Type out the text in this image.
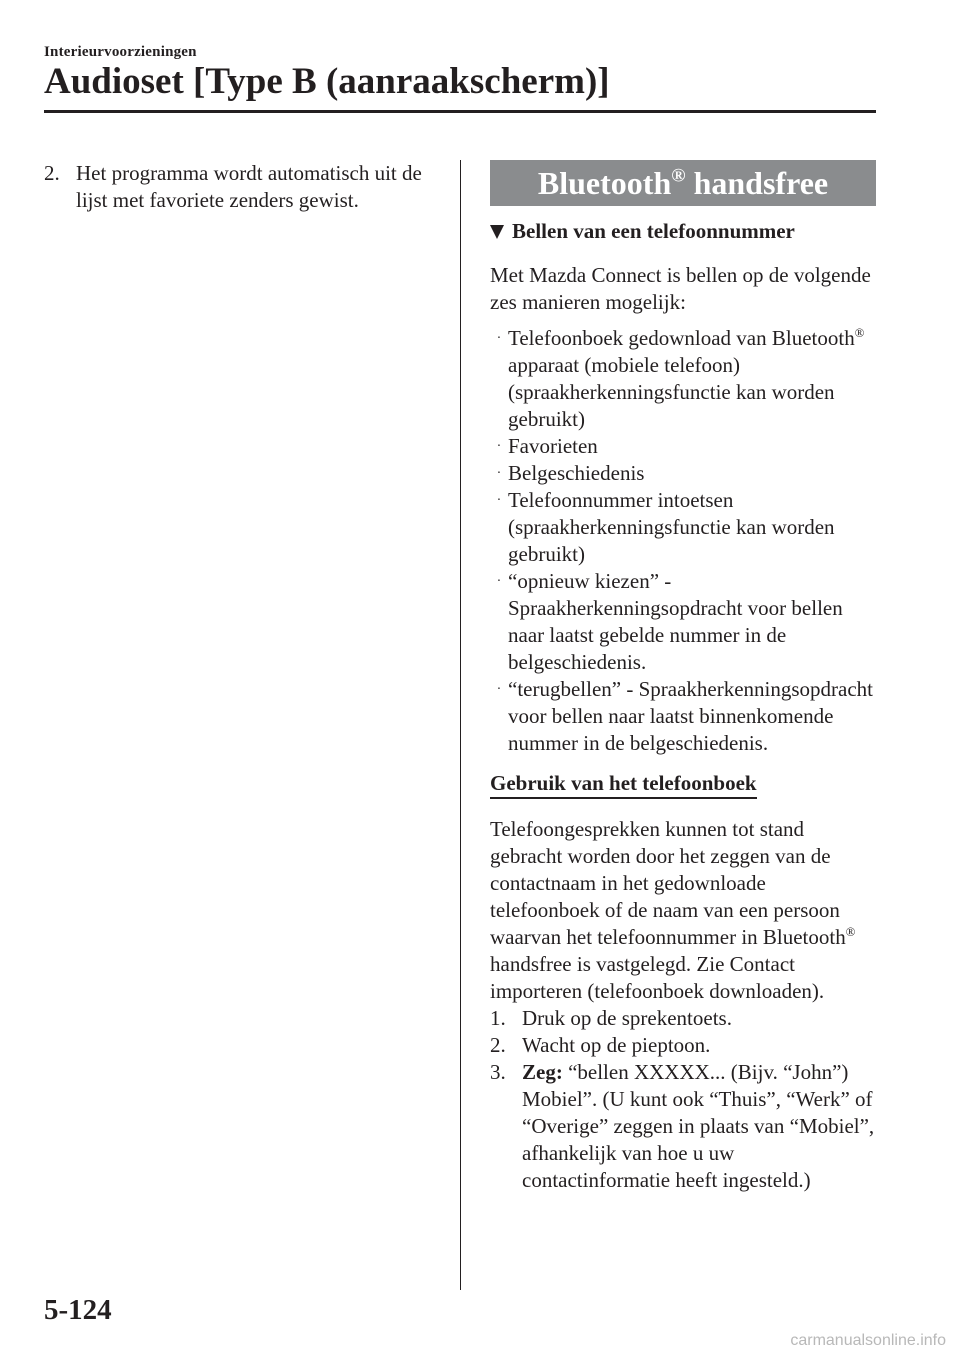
Interieurvoorzieningen
Audioset [Type B (aanraakscherm)]
2. Het programma wordt automatisch uit de lijst met favoriete zenders gewist.	Bluetooth® handsfree
Bellen van een telefoonnummer

Met Mazda Connect is bellen op de volgende zes manieren mogelijk:

· Telefoonboek gedownload van Bluetooth® apparaat (mobiele telefoon) (spraakherkenningsfunctie kan worden gebruikt)
· Favorieten
· Belgeschiedenis
· Telefoonnummer intoetsen (spraakherkenningsfunctie kan worden gebruikt)
· “opnieuw kiezen” - Spraakherkenningsopdracht voor bellen naar laatst gebelde nummer in de belgeschiedenis.
· “terugbellen” - Spraakherkenningsopdracht voor bellen naar laatst binnenkomende nummer in de belgeschiedenis.
Gebruik van het telefoonboek

Telefoongesprekken kunnen tot stand gebracht worden door het zeggen van de contactnaam in het gedownloade telefoonboek of de naam van een persoon waarvan het telefoonnummer in Bluetooth® handsfree is vastgelegd. Zie Contact importeren (telefoonboek downloaden).

1. Druk op de sprekentoets.
2. Wacht op de pieptoon.
3. Zeg: “bellen XXXXX... (Bijv. “John”) Mobiel”. (U kunt ook “Thuis”, “Werk” of “Overige” zeggen in plaats van “Mobiel”, afhankelijk van hoe u uw contactinformatie heeft ingesteld.)
5-124
carmanualsonline.info
